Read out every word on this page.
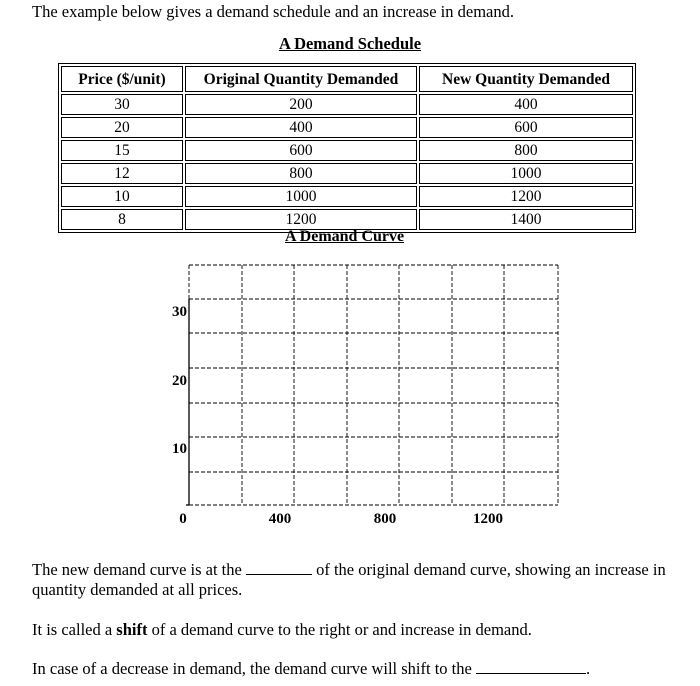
The example below gives a demand schedule and an increase in demand.
A Demand Schedule
Price ($/unit)	Original Quantity Demanded	New Quantity Demanded
30	200	400
20	400	600
15	600	800
12	800	1000
10	1000	1200
8	1200	1400
A Demand Curve
30
20
10
0	400	800	1200
The new demand curve is at the	of the original demand curve, showing an increase in quantity demanded at all prices.
It is called a shift of a demand curve to the right or and increase in demand.
In case of a decrease in demand, the demand curve will shift to the	.
